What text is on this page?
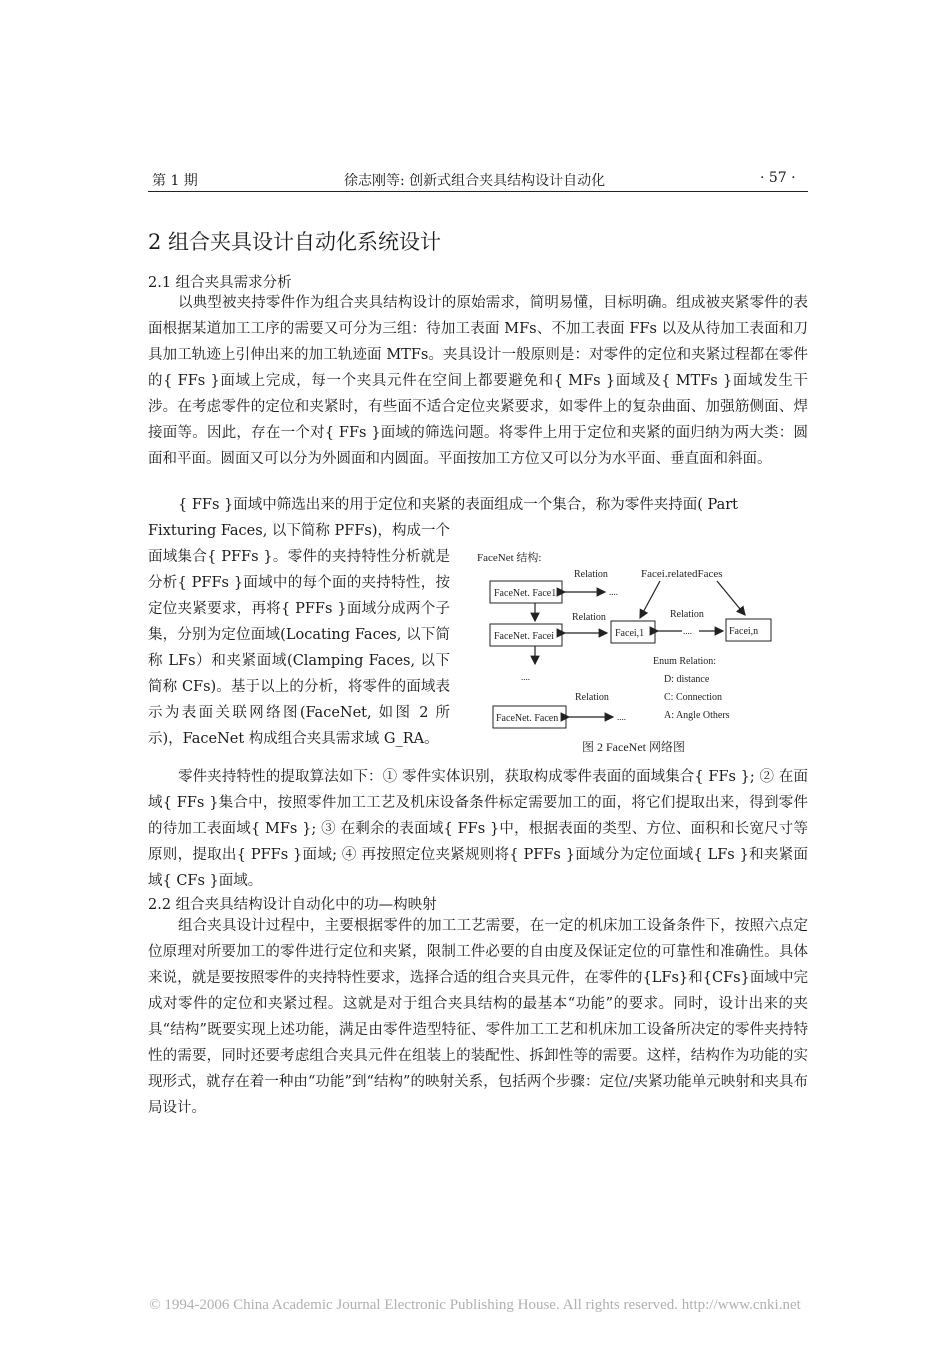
第 1 期	徐志刚等: 创新式组合夹具结构设计自动化	· 57 ·
2 组合夹具设计自动化系统设计
2.1 组合夹具需求分析

以典型被夹持零件作为组合夹具结构设计的原始需求，简明易懂，目标明确。组成被夹紧零件的表面根据某道加工工序的需要又可分为三组：待加工表面 MFs、不加工表面 FFs 以及从待加工表面和刀具加工轨迹上引伸出来的加工轨迹面 MTFs。夹具设计一般原则是：对零件的定位和夹紧过程都在零件的{ FFs }面域上完成，每一个夹具元件在空间上都要避免和{ MFs }面域及{ MTFs }面域发生干涉。在考虑零件的定位和夹紧时，有些面不适合定位夹紧要求，如零件上的复杂曲面、加强筋侧面、焊接面等。因此，存在一个对{ FFs }面域的筛选问题。将零件上用于定位和夹紧的面归纳为两大类：圆面和平面。圆面又可以分为外圆面和内圆面。平面按加工方位又可以分为水平面、垂直面和斜面。

{ FFs }面域中筛选出来的用于定位和夹紧的表面组成一个集合，称为零件夹持面( Part

Fixturing Faces, 以下简称 PFFs)，构成一个面域集合{ PFFs }。零件的夹持特性分析就是分析{ PFFs }面域中的每个面的夹持特性，按定位夹紧要求，再将{ PFFs }面域分成两个子集，分别为定位面域(Locating Faces, 以下简称 LFs）和夹紧面域(Clamping Faces, 以下简称 CFs)。基于以上的分析，将零件的面域表示为表面关联网络图(FaceNet, 如图 2 所示)，FaceNet 构成组合夹具需求域 G_RA。

零件夹持特性的提取算法如下：① 零件实体识别，获取构成零件表面的面域集合{ FFs }; ② 在面域{ FFs }集合中，按照零件加工工艺及机床设备条件标定需要加工的面，将它们提取出来，得到零件的待加工表面域{ MFs }; ③ 在剩余的表面域{ FFs }中，根据表面的类型、方位、面积和长宽尺寸等原则，提取出{ PFFs }面域; ④ 再按照定位夹紧规则将{ PFFs }面域分为定位面域{ LFs }和夹紧面域{ CFs }面域。

2.2 组合夹具结构设计自动化中的功—构映射

组合夹具设计过程中，主要根据零件的加工工艺需要，在一定的机床加工设备条件下，按照六点定位原理对所要加工的零件进行定位和夹紧，限制工件必要的自由度及保证定位的可靠性和准确性。具体来说，就是要按照零件的夹持特性要求，选择合适的组合夹具元件，在零件的{LFs}和{CFs}面域中完成对零件的定位和夹紧过程。这就是对于组合夹具结构的最基本“功能”的要求。同时，设计出来的夹具“结构”既要实现上述功能，满足由零件造型特征、零件加工工艺和机床加工设备所决定的零件夹持特性的需要，同时还要考虑组合夹具元件在组装上的装配性、拆卸性等的需要。这样，结构作为功能的实现形式，就存在着一种由“功能”到“结构”的映射关系，包括两个步骤：定位/夹紧功能单元映射和夹具布局设计。

FaceNet 结构:
FaceNet. Face1
FaceNet. Facei	Facei,1	Facei,n
FaceNet. Facen
Relation
Relation	Relation
Relation
Facei.relatedFaces
....
....
....
....
Enum Relation:
D: distance
C: Connection
A: Angle Others
图 2 FaceNet 网络图
© 1994-2006 China Academic Journal Electronic Publishing House. All rights reserved. http://www.cnki.net
